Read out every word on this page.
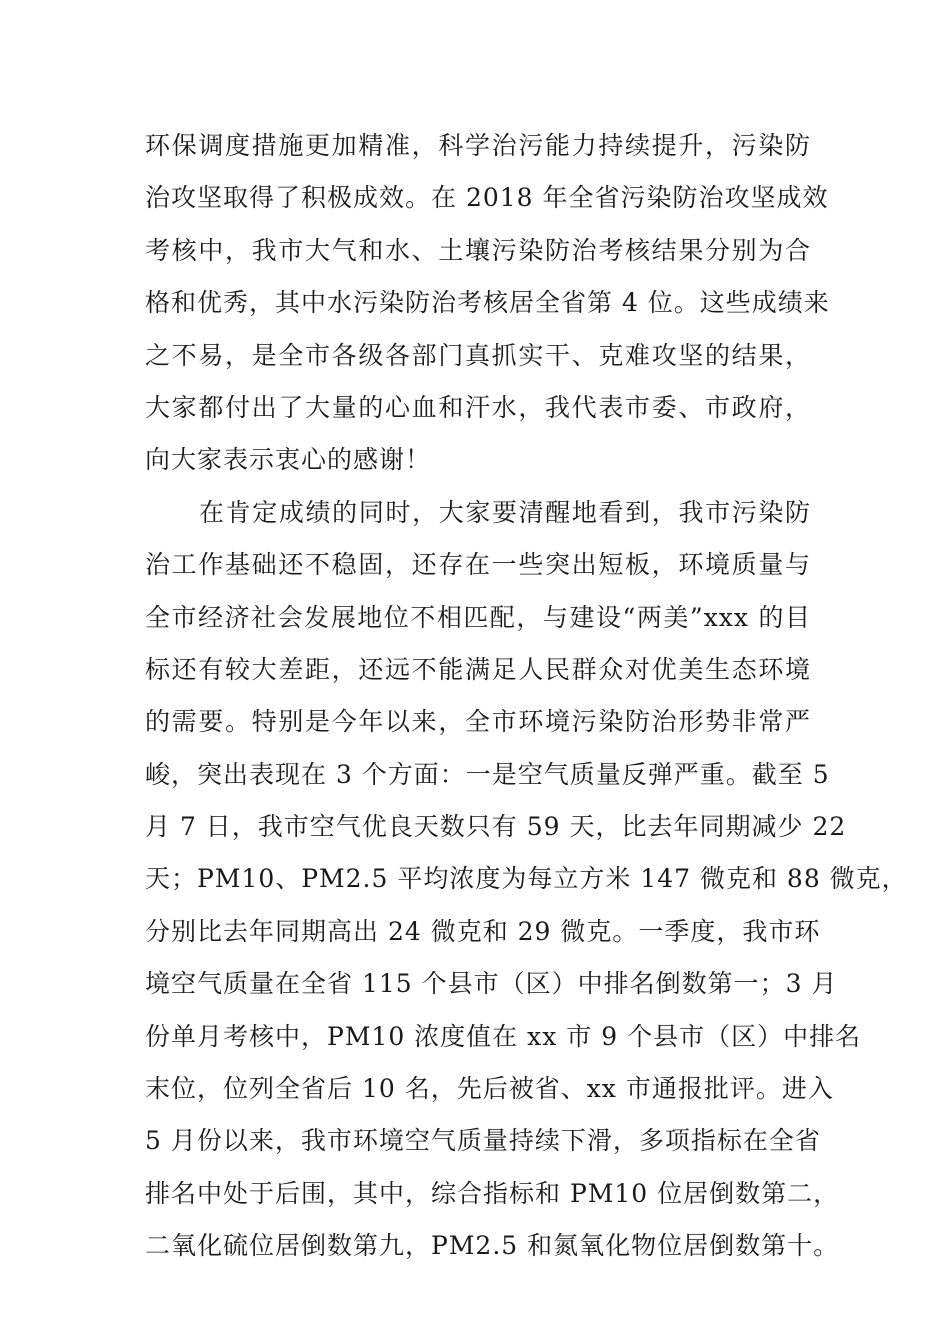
环保调度措施更加精准，科学治污能力持续提升，污染防
治攻坚取得了积极成效。在 2018 年全省污染防治攻坚成效
考核中，我市大气和水、土壤污染防治考核结果分别为合
格和优秀，其中水污染防治考核居全省第 4 位。这些成绩来
之不易，是全市各级各部门真抓实干、克难攻坚的结果，
大家都付出了大量的心血和汗水，我代表市委、市政府，
向大家表示衷心的感谢！
在肯定成绩的同时，大家要清醒地看到，我市污染防
治工作基础还不稳固，还存在一些突出短板，环境质量与
全市经济社会发展地位不相匹配，与建设“两美”xxx 的目
标还有较大差距，还远不能满足人民群众对优美生态环境
的需要。特别是今年以来，全市环境污染防治形势非常严
峻，突出表现在 3 个方面：一是空气质量反弹严重。截至 5
月 7 日，我市空气优良天数只有 59 天，比去年同期减少 22
天；PM10、PM2.5 平均浓度为每立方米 147 微克和 88 微克，
分别比去年同期高出 24 微克和 29 微克。一季度，我市环
境空气质量在全省 115 个县市（区）中排名倒数第一；3 月
份单月考核中，PM10 浓度值在 xx 市 9 个县市（区）中排名
末位，位列全省后 10 名，先后被省、xx 市通报批评。进入
5 月份以来，我市环境空气质量持续下滑，多项指标在全省
排名中处于后围，其中，综合指标和 PM10 位居倒数第二，
二氧化硫位居倒数第九，PM2.5 和氮氧化物位居倒数第十。
